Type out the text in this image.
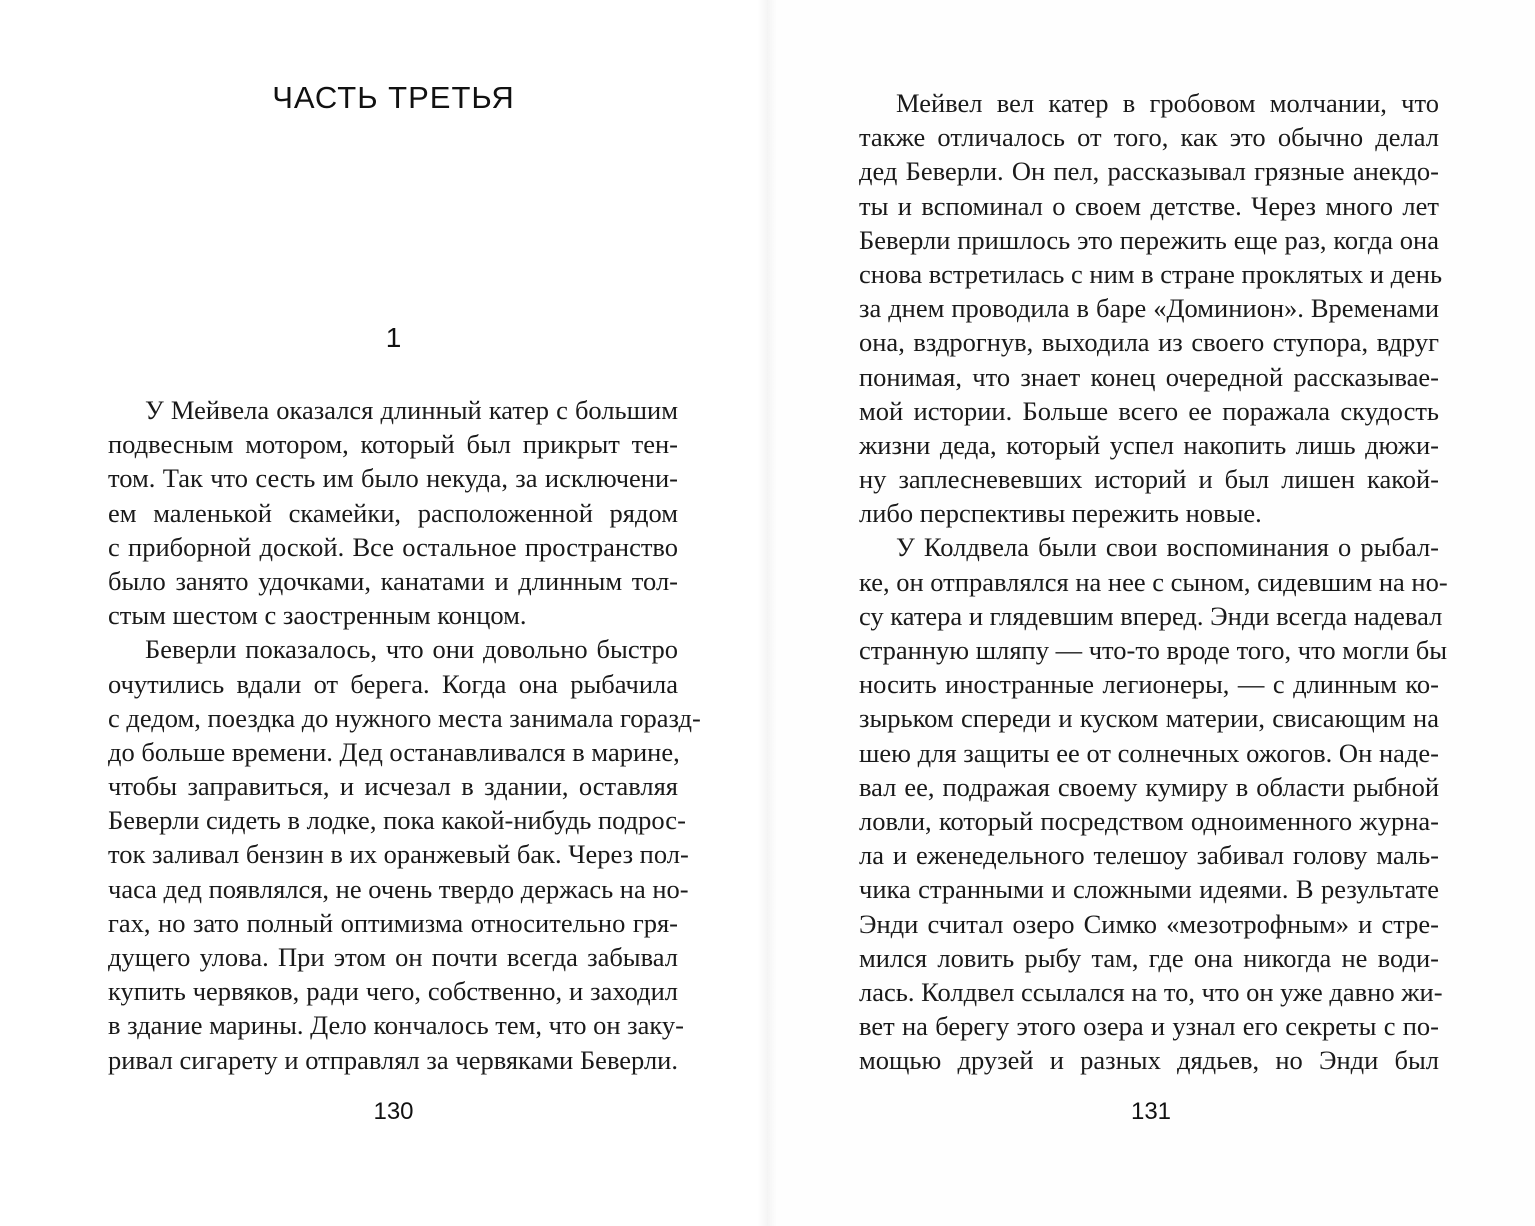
ЧАСТЬ ТРЕТЬЯ
1
У Мейвела оказался длинный катер с большим
подвесным мотором, который был прикрыт тен-
том. Так что сесть им было некуда, за исключени-
ем маленькой скамейки, расположенной рядом
с приборной доской. Все остальное пространство
было занято удочками, канатами и длинным тол-
стым шестом с заостренным концом.
Беверли показалось, что они довольно быстро
очутились вдали от берега. Когда она рыбачила
с дедом, поездка до нужного места занимала горазд-
до больше времени. Дед останавливался в марине,
чтобы заправиться, и исчезал в здании, оставляя
Беверли сидеть в лодке, пока какой-нибудь подрос-
ток заливал бензин в их оранжевый бак. Через пол-
часа дед появлялся, не очень твердо держась на но-
гах, но зато полный оптимизма относительно гря-
дущего улова. При этом он почти всегда забывал
купить червяков, ради чего, собственно, и заходил
в здание марины. Дело кончалось тем, что он заку-
ривал сигарету и отправлял за червяками Беверли.
130
Мейвел вел катер в гробовом молчании, что
также отличалось от того, как это обычно делал
дед Беверли. Он пел, рассказывал грязные анекдо-
ты и вспоминал о своем детстве. Через много лет
Беверли пришлось это пережить еще раз, когда она
снова встретилась с ним в стране проклятых и день
за днем проводила в баре «Доминион». Временами
она, вздрогнув, выходила из своего ступора, вдруг
понимая, что знает конец очередной рассказывае-
мой истории. Больше всего ее поражала скудость
жизни деда, который успел накопить лишь дюжи-
ну заплесневевших историй и был лишен какой-
либо перспективы пережить новые.
У Колдвела были свои воспоминания о рыбал-
ке, он отправлялся на нее с сыном, сидевшим на но-
су катера и глядевшим вперед. Энди всегда надевал
странную шляпу — что-то вроде того, что могли бы
носить иностранные легионеры, — с длинным ко-
зырьком спереди и куском материи, свисающим на
шею для защиты ее от солнечных ожогов. Он наде-
вал ее, подражая своему кумиру в области рыбной
ловли, который посредством одноименного журна-
ла и еженедельного телешоу забивал голову маль-
чика странными и сложными идеями. В результате
Энди считал озеро Симко «мезотрофным» и стре-
мился ловить рыбу там, где она никогда не води-
лась. Колдвел ссылался на то, что он уже давно жи-
вет на берегу этого озера и узнал его секреты с по-
мощью друзей и разных дядьев, но Энди был
131
